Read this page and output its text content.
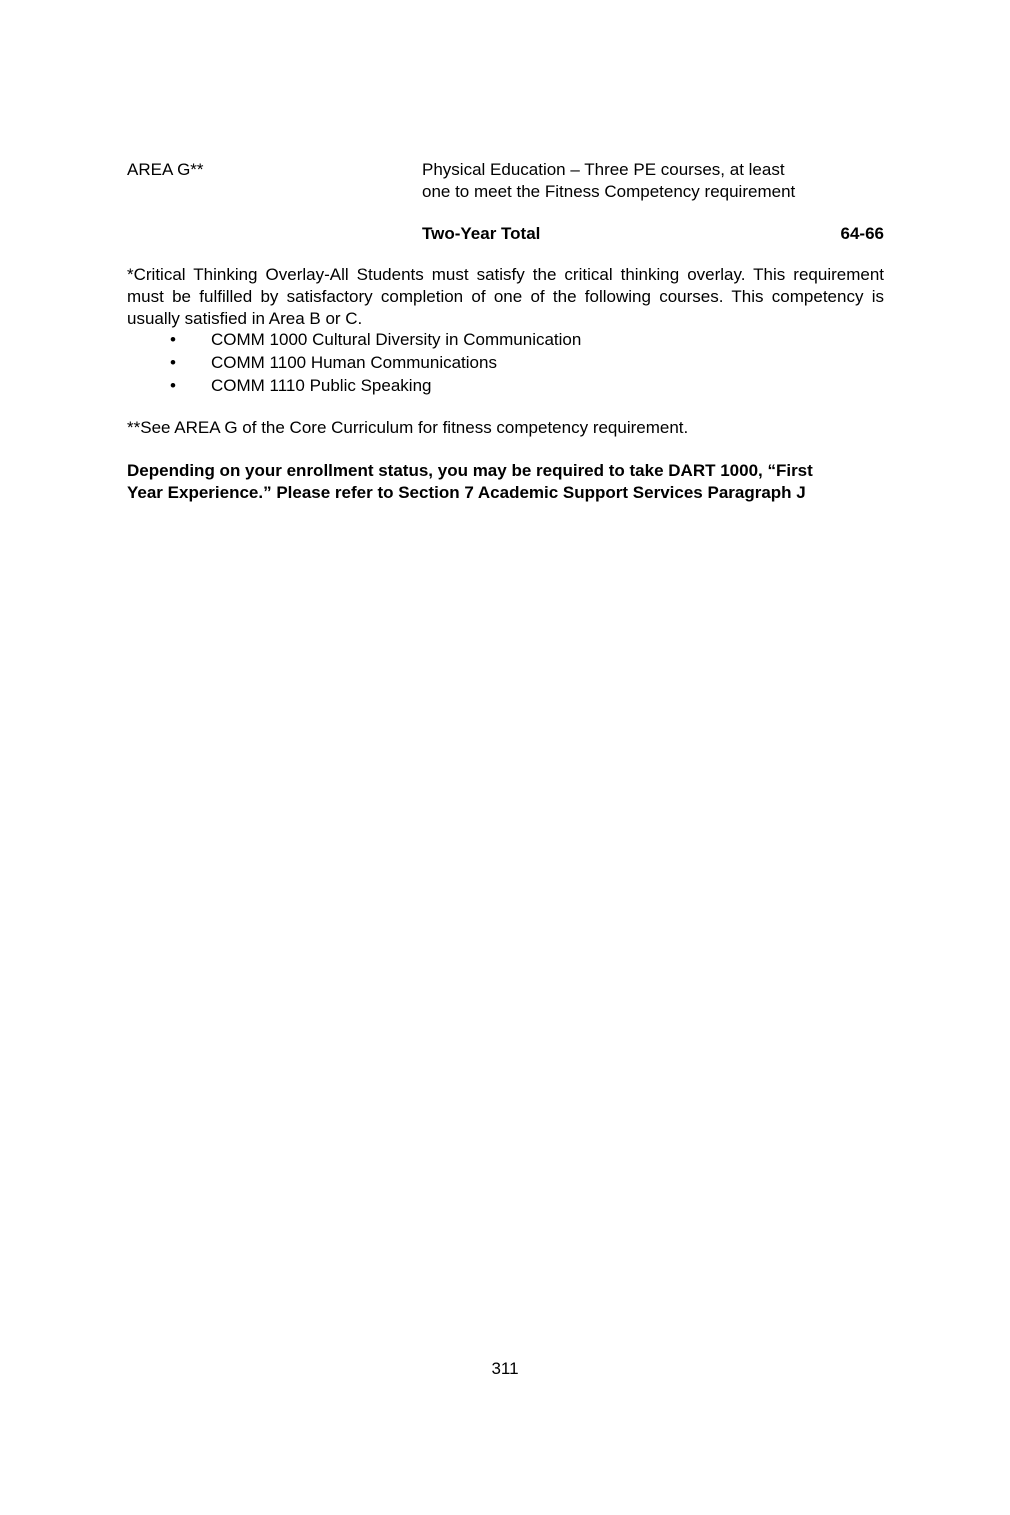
AREA G**	Physical Education – Three PE courses, at least
one to meet the Fitness Competency requirement
Two-Year Total	64-66

*Critical Thinking Overlay-All Students must satisfy the critical thinking overlay. This requirement must be fulfilled by satisfactory completion of one of the following courses. This competency is usually satisfied in Area B or C.

• COMM 1000 Cultural Diversity in Communication
• COMM 1100 Human Communications
• COMM 1110 Public Speaking

**See AREA G of the Core Curriculum for fitness competency requirement.

Depending on your enrollment status, you may be required to take DART 1000, “First
Year Experience.” Please refer to Section 7 Academic Support Services Paragraph J
311
